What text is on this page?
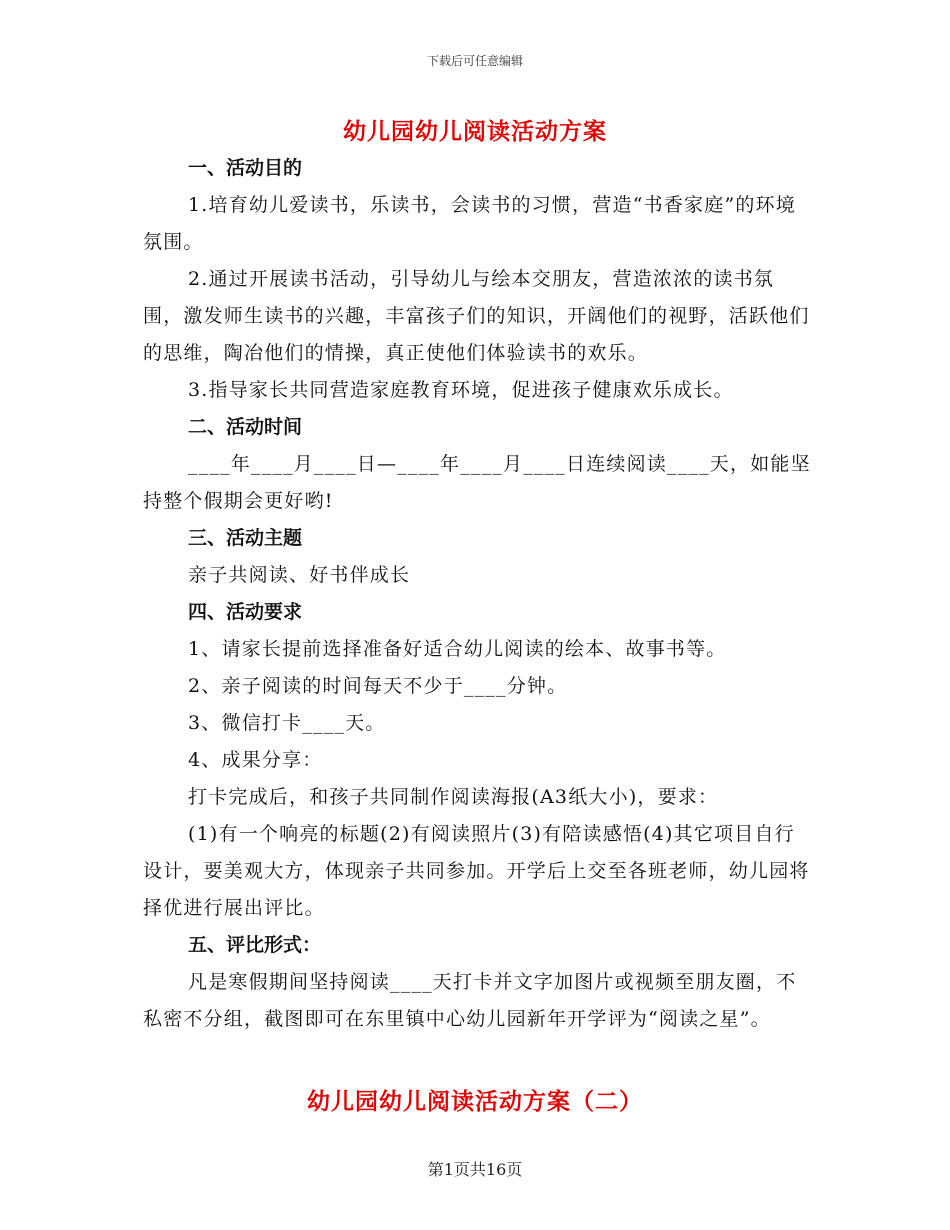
下载后可任意编辑
幼儿园幼儿阅读活动方案

一、活动目的

1.培育幼儿爱读书，乐读书，会读书的习惯，营造“书香家庭”的环境氛围。

2.通过开展读书活动，引导幼儿与绘本交朋友，营造浓浓的读书氛围，激发师生读书的兴趣，丰富孩子们的知识，开阔他们的视野，活跃他们的思维，陶冶他们的情操，真正使他们体验读书的欢乐。

3.指导家长共同营造家庭教育环境，促进孩子健康欢乐成长。

二、活动时间

____年____月____日—____年____月____日连续阅读____天，如能坚持整个假期会更好哟!

三、活动主题

亲子共阅读、好书伴成长

四、活动要求

1、请家长提前选择准备好适合幼儿阅读的绘本、故事书等。

2、亲子阅读的时间每天不少于____分钟。

3、微信打卡____天。

4、成果分享：

打卡完成后，和孩子共同制作阅读海报(A3纸大小)，要求：

(1)有一个响亮的标题(2)有阅读照片(3)有陪读感悟(4)其它项目自行设计，要美观大方，体现亲子共同参加。开学后上交至各班老师，幼儿园将择优进行展出评比。

五、评比形式：

凡是寒假期间坚持阅读____天打卡并文字加图片或视频至朋友圈，不私密不分组，截图即可在东里镇中心幼儿园新年开学评为“阅读之星”。

幼儿园幼儿阅读活动方案（二）
第1页共16页
